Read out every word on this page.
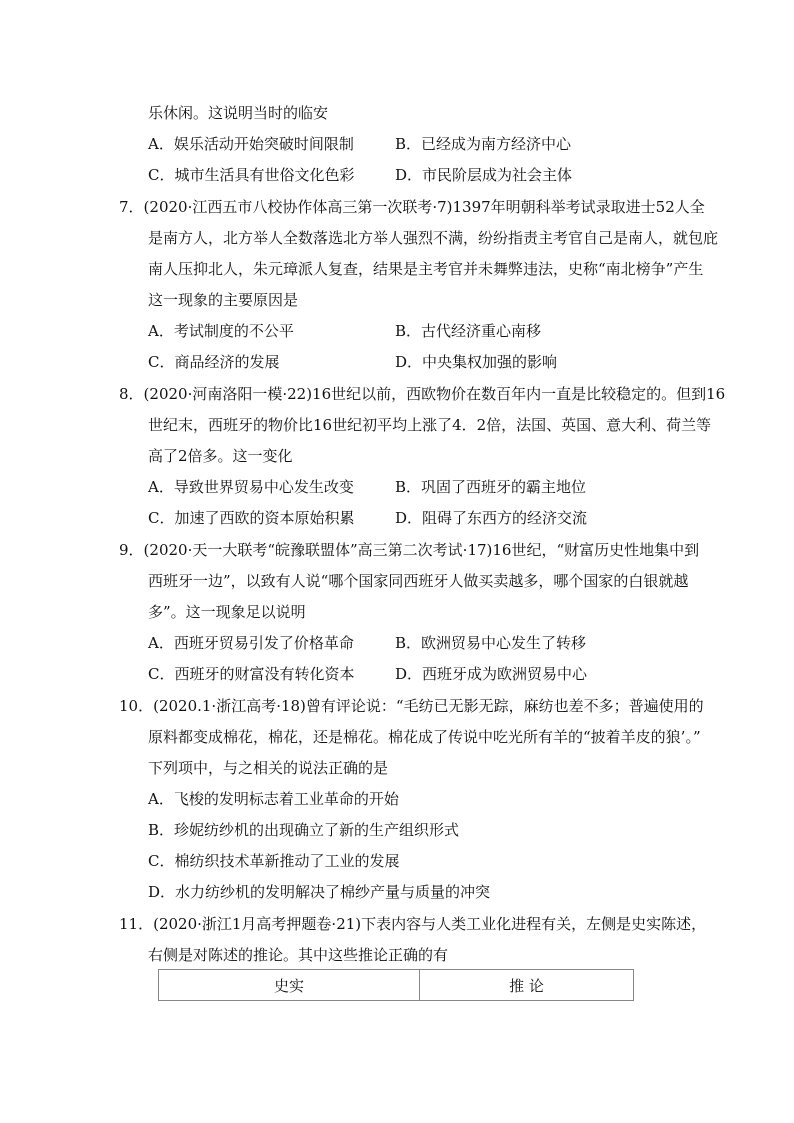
乐休闲。这说明当时的临安
A．娱乐活动开始突破时间限制	B．已经成为南方经济中心
C．城市生活具有世俗文化色彩	D．市民阶层成为社会主体
7．(2020·江西五市八校协作体高三第一次联考·7)1397年明朝科举考试录取进士52人全
是南方人，北方举人全数落选北方举人强烈不满，纷纷指责主考官自己是南人，就包庇
南人压抑北人，朱元璋派人复查，结果是主考官并未舞弊违法，史称“南北榜争”产生
这一现象的主要原因是
A．考试制度的不公平	B．古代经济重心南移
C．商品经济的发展	D．中央集权加强的影响
8．(2020·河南洛阳一模·22)16世纪以前，西欧物价在数百年内一直是比较稳定的。但到16
世纪末，西班牙的物价比16世纪初平均上涨了4．2倍，法国、英国、意大利、荷兰等
高了2倍多。这一变化
A．导致世界贸易中心发生改变	B．巩固了西班牙的霸主地位
C．加速了西欧的资本原始积累	D．阻碍了东西方的经济交流
9．(2020·天一大联考“皖豫联盟体”高三第二次考试·17)16世纪，“财富历史性地集中到
西班牙一边”，以致有人说“哪个国家同西班牙人做买卖越多，哪个国家的白银就越
多”。这一现象足以说明
A．西班牙贸易引发了价格革命	B．欧洲贸易中心发生了转移
C．西班牙的财富没有转化资本	D．西班牙成为欧洲贸易中心
10．(2020.1·浙江高考·18)曾有评论说：“毛纺已无影无踪，麻纺也差不多；普遍使用的
原料都变成棉花，棉花，还是棉花。棉花成了传说中吃光所有羊的“披着羊皮的狼’。”
下列项中，与之相关的说法正确的是
A．飞梭的发明标志着工业革命的开始
B．珍妮纺纱机的出现确立了新的生产组织形式
C．棉纺织技术革新推动了工业的发展
D．水力纺纱机的发明解决了棉纱产量与质量的冲突
11．(2020·浙江1月高考押题卷·21)下表内容与人类工业化进程有关，左侧是史实陈述，
右侧是对陈述的推论。其中这些推论正确的有
史实	推 论
